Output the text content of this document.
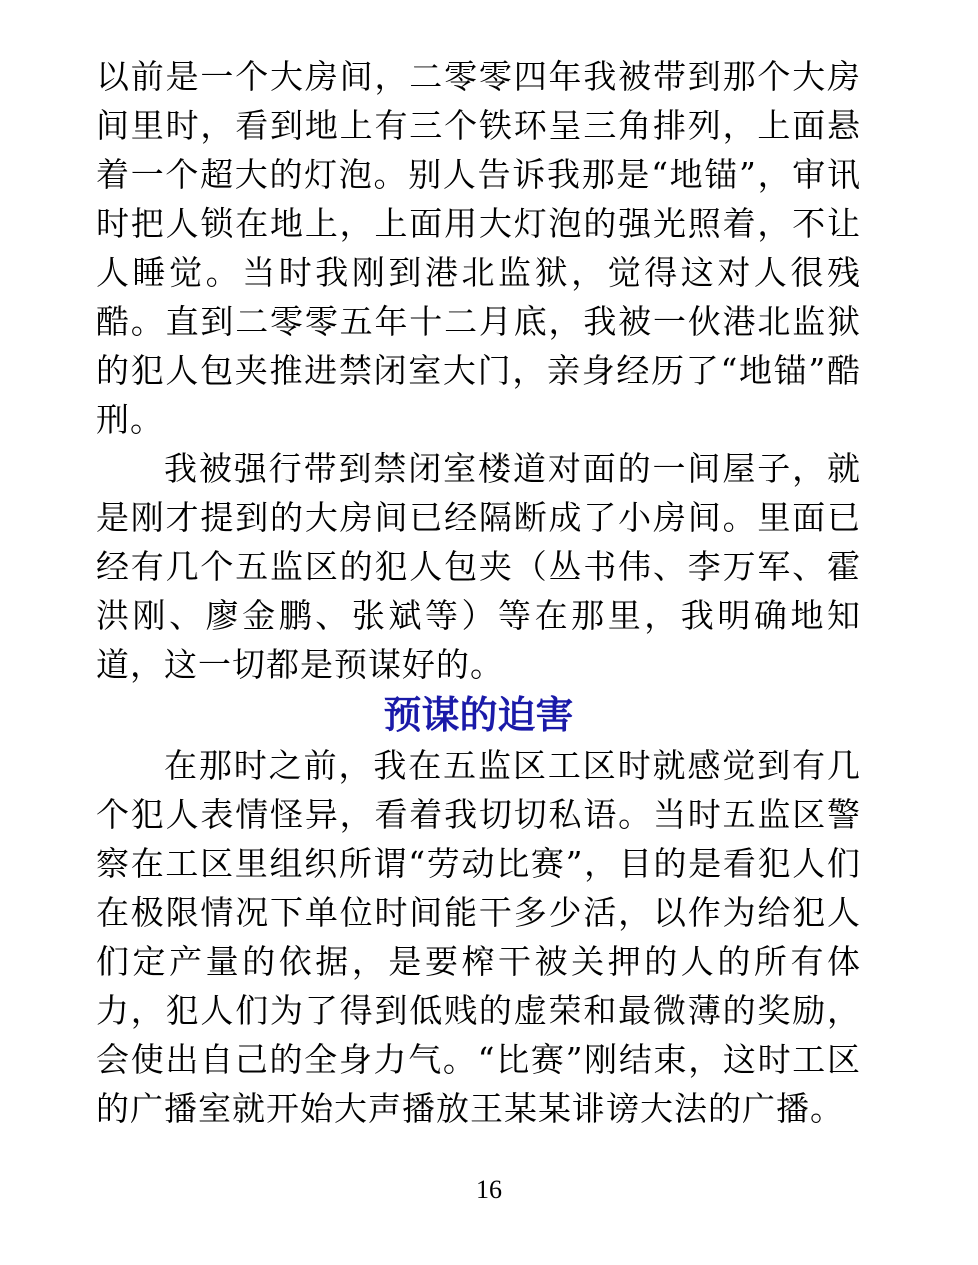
以前是一个大房间，二零零四年我被带到那个大房间里时，看到地上有三个铁环呈三角排列，上面悬着一个超大的灯泡。别人告诉我那是“地锚”，审讯时把人锁在地上，上面用大灯泡的强光照着，不让人睡觉。当时我刚到港北监狱，觉得这对人很残酷。直到二零零五年十二月底，我被一伙港北监狱的犯人包夹推进禁闭室大门，亲身经历了“地锚”酷刑。

我被强行带到禁闭室楼道对面的一间屋子，就是刚才提到的大房间已经隔断成了小房间。里面已经有几个五监区的犯人包夹（丛书伟、李万军、霍洪刚、廖金鹏、张斌等）等在那里，我明确地知道，这一切都是预谋好的。

预谋的迫害

在那时之前，我在五监区工区时就感觉到有几个犯人表情怪异，看着我切切私语。当时五监区警察在工区里组织所谓“劳动比赛”，目的是看犯人们在极限情况下单位时间能干多少活，以作为给犯人们定产量的依据，是要榨干被关押的人的所有体力，犯人们为了得到低贱的虚荣和最微薄的奖励，会使出自己的全身力气。“比赛”刚结束，这时工区的广播室就开始大声播放王某某诽谤大法的广播。

16
